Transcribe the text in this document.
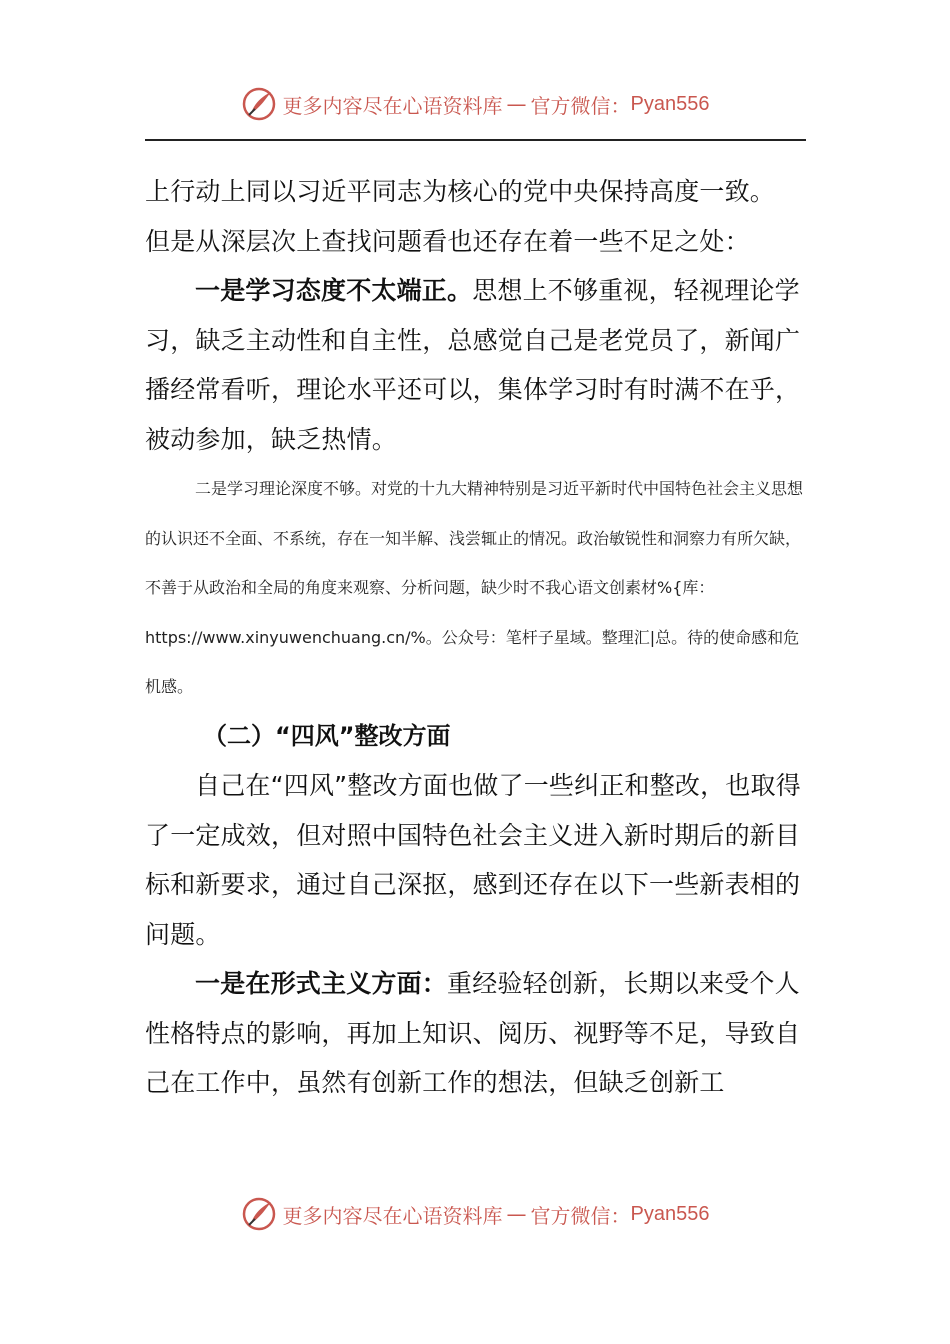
更多内容尽在心语资料库 — 官方微信： Pyan556

上行动上同以习近平同志为核心的党中央保持高度一致。

但是从深层次上查找问题看也还存在着一些不足之处：

一是学习态度不太端正。思想上不够重视，轻视理论学习，缺乏主动性和自主性，总感觉自己是老党员了，新闻广播经常看听，理论水平还可以，集体学习时有时满不在乎，被动参加，缺乏热情。

二是学习理论深度不够。对党的十九大精神特别是习近平新时代中国特色社会主义思想的认识还不全面、不系统，存在一知半解、浅尝辄止的情况。政治敏锐性和洞察力有所欠缺，不善于从政治和全局的角度来观察、分析问题，缺少时不我心语文创素材%{库：https://www.xinyuwenchuang.cn/%。公众号：笔杆子星域。整理汇|总。待的使命感和危机感。

（二）“四风”整改方面

自己在“四风”整改方面也做了一些纠正和整改，也取得了一定成效，但对照中国特色社会主义进入新时期后的新目标和新要求，通过自己深抠，感到还存在以下一些新表相的问题。

一是在形式主义方面：重经验轻创新，长期以来受个人性格特点的影响，再加上知识、阅历、视野等不足，导致自己在工作中，虽然有创新工作的想法，但缺乏创新工

更多内容尽在心语资料库 — 官方微信： Pyan556
